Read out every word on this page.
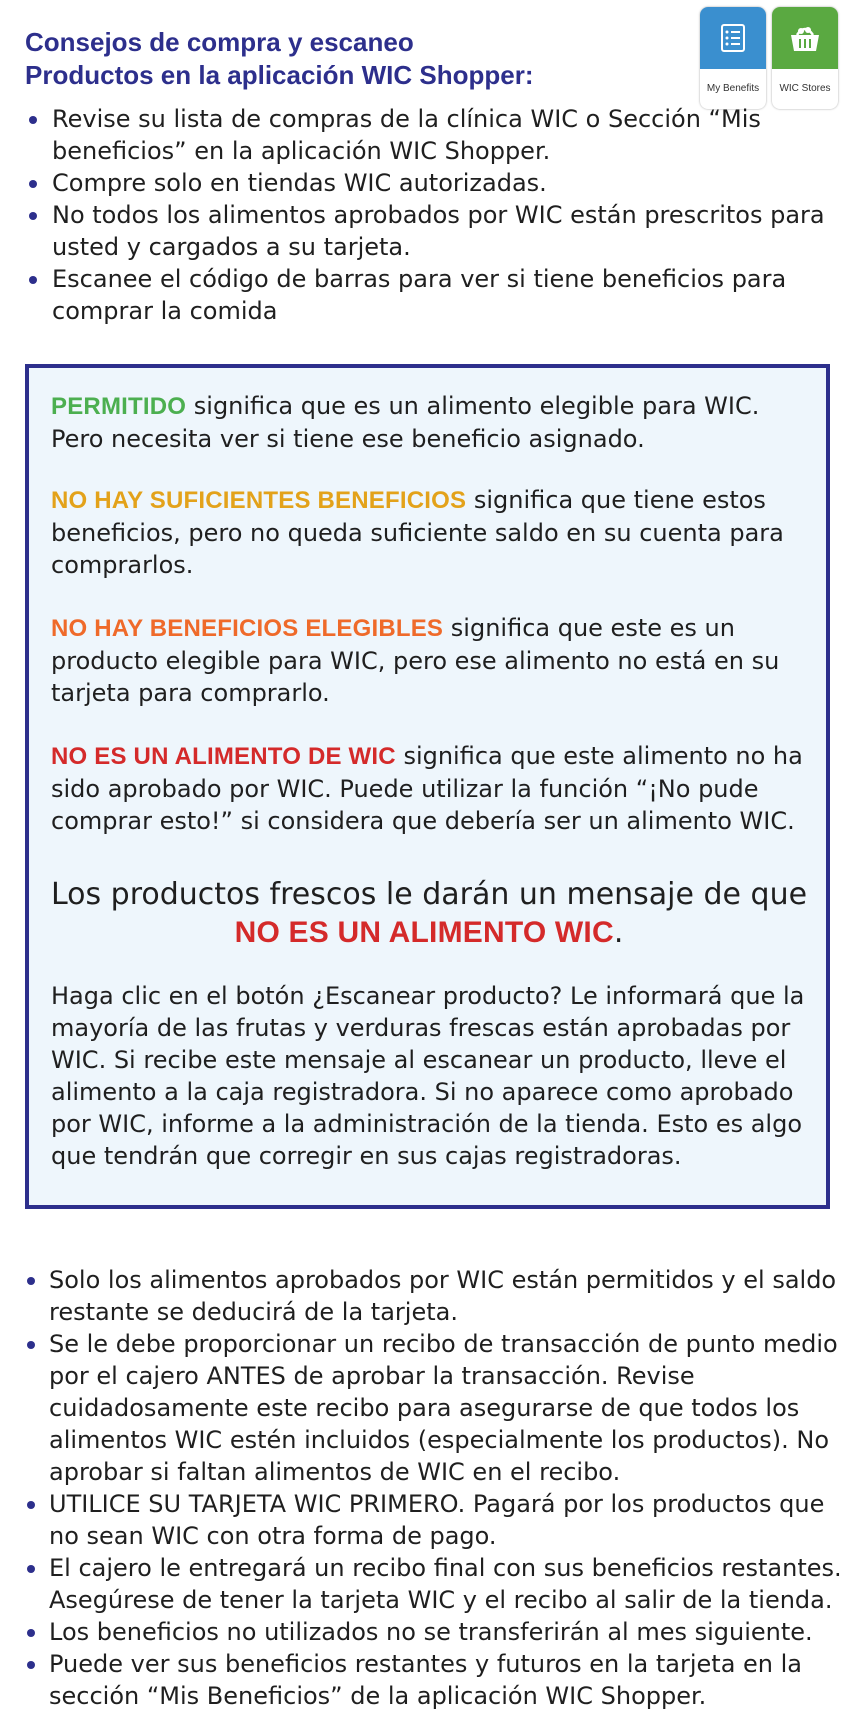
Consejos de compra y escaneo
Productos en la aplicación WIC Shopper:	My Benefits	WIC Stores
Revise su lista de compras de la clínica WIC o Sección “Mis beneficios” en la aplicación WIC Shopper.
Compre solo en tiendas WIC autorizadas.
No todos los alimentos aprobados por WIC están prescritos para usted y cargados a su tarjeta.
Escanee el código de barras para ver si tiene beneficios para comprar la comida
PERMITIDO significa que es un alimento elegible para WIC. Pero necesita ver si tiene ese beneficio asignado.
NO HAY SUFICIENTES BENEFICIOS significa que tiene estos beneficios, pero no queda suficiente saldo en su cuenta para comprarlos.
NO HAY BENEFICIOS ELEGIBLES significa que este es un producto elegible para WIC, pero ese alimento no está en su tarjeta para comprarlo.
NO ES UN ALIMENTO DE WIC significa que este alimento no ha sido aprobado por WIC. Puede utilizar la función “¡No pude comprar esto!” si considera que debería ser un alimento WIC.
Los productos frescos le darán un mensaje de que
NO ES UN ALIMENTO WIC.
Haga clic en el botón ¿Escanear producto? Le informará que la mayoría de las frutas y verduras frescas están aprobadas por WIC. Si recibe este mensaje al escanear un producto, lleve el alimento a la caja registradora. Si no aparece como aprobado por WIC, informe a la administración de la tienda. Esto es algo que tendrán que corregir en sus cajas registradoras.
Solo los alimentos aprobados por WIC están permitidos y el saldo restante se deducirá de la tarjeta.
Se le debe proporcionar un recibo de transacción de punto medio por el cajero ANTES de aprobar la transacción. Revise cuidadosamente este recibo para asegurarse de que todos los alimentos WIC estén incluidos (especialmente los productos). No aprobar si faltan alimentos de WIC en el recibo.
UTILICE SU TARJETA WIC PRIMERO. Pagará por los productos que no sean WIC con otra forma de pago.
El cajero le entregará un recibo final con sus beneficios restantes. Asegúrese de tener la tarjeta WIC y el recibo al salir de la tienda.
Los beneficios no utilizados no se transferirán al mes siguiente.
Puede ver sus beneficios restantes y futuros en la tarjeta en la sección “Mis Beneficios” de la aplicación WIC Shopper.
